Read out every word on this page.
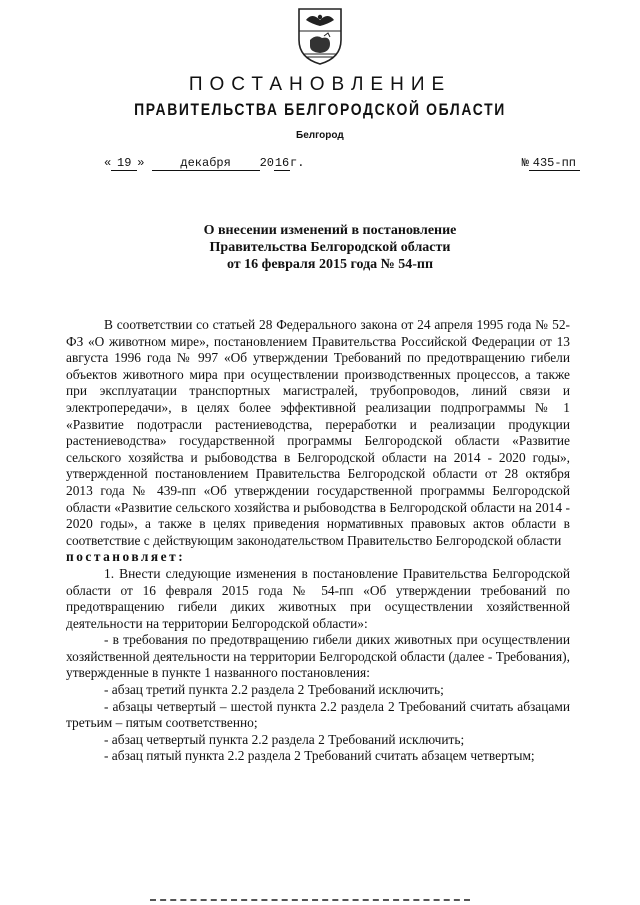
ПОСТАНОВЛЕНИЕ
ПРАВИТЕЛЬСТВА БЕЛГОРОДСКОЙ ОБЛАСТИ
Белгород
« 19 »	декабря 2016г.	№ 435-пп
О внесении изменений в постановление
Правительства Белгородской области
от 16 февраля 2015 года № 54-пп

В соответствии со статьей 28 Федерального закона от 24 апреля 1995 года № 52-ФЗ «О животном мире», постановлением Правительства Российской Федерации от 13 августа 1996 года № 997 «Об утверждении Требований по предотвращению гибели объектов животного мира при осуществлении производственных процессов, а также при эксплуатации транспортных магистралей, трубопроводов, линий связи и электропередачи», в целях более эффективной реализации подпрограммы № 1 «Развитие подотрасли растениеводства, переработки и реализации продукции растениеводства» государственной программы Белгородской области «Развитие сельского хозяйства и рыбоводства в Белгородской области на 2014 - 2020 годы», утвержденной постановлением Правительства Белгородской области от 28 октября 2013 года № 439-пп «Об утверждении государственной программы Белгородской области «Развитие сельского хозяйства и рыбоводства в Белгородской области на 2014 - 2020 годы», а также в целях приведения нормативных правовых актов области в соответствие с действующим законодательством Правительство Белгородской области

постановляет:

1. Внести следующие изменения в постановление Правительства Белгородской области от 16 февраля 2015 года № 54-пп «Об утверждении требований по предотвращению гибели диких животных при осуществлении хозяйственной деятельности на территории Белгородской области»:

- в требования по предотвращению гибели диких животных при осуществлении хозяйственной деятельности на территории Белгородской области (далее - Требования), утвержденные в пункте 1 названного постановления:

- абзац третий пункта 2.2 раздела 2 Требований исключить;

- абзацы четвертый – шестой пункта 2.2 раздела 2 Требований считать абзацами третьим – пятым соответственно;

- абзац четвертый пункта 2.2 раздела 2 Требований исключить;

- абзац пятый пункта 2.2 раздела 2 Требований считать абзацем четвертым;
